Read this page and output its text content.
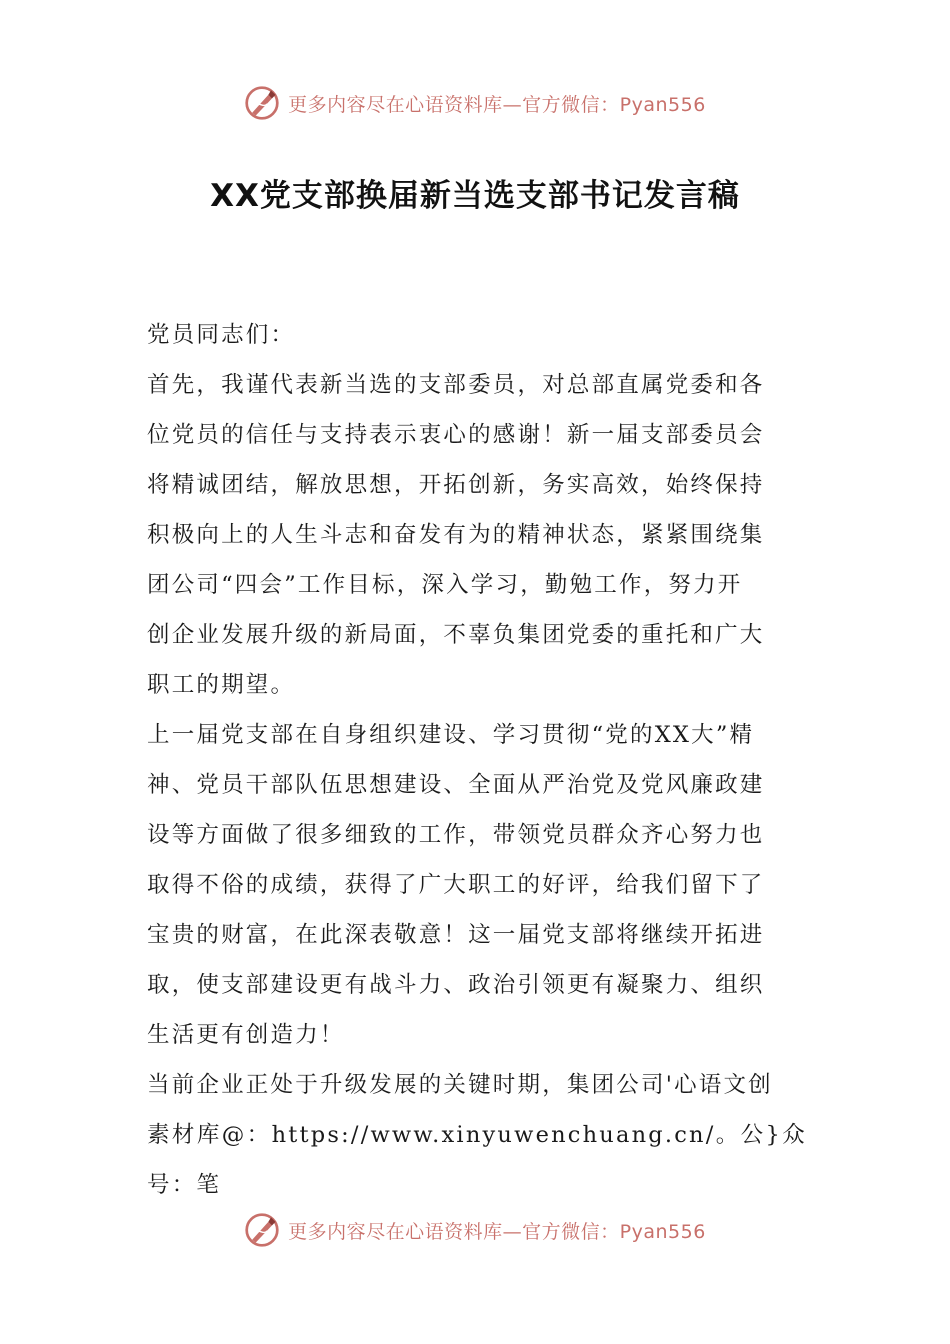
更多内容尽在心语资料库—官方微信：Pyan556
XX党支部换届新当选支部书记发言稿

党员同志们：

首先，我谨代表新当选的支部委员，对总部直属党委和各

位党员的信任与支持表示衷心的感谢！新一届支部委员会

将精诚团结，解放思想，开拓创新，务实高效，始终保持

积极向上的人生斗志和奋发有为的精神状态，紧紧围绕集

团公司“四会”工作目标，深入学习，勤勉工作，努力开

创企业发展升级的新局面，不辜负集团党委的重托和广大

职工的期望。

上一届党支部在自身组织建设、学习贯彻“党的XX大”精

神、党员干部队伍思想建设、全面从严治党及党风廉政建

设等方面做了很多细致的工作，带领党员群众齐心努力也

取得不俗的成绩，获得了广大职工的好评，给我们留下了

宝贵的财富，在此深表敬意！这一届党支部将继续开拓进

取，使支部建设更有战斗力、政治引领更有凝聚力、组织

生活更有创造力！

当前企业正处于升级发展的关键时期，集团公司'心语文创

素材库@：https://www.xinyuwenchuang.cn/。公}众号：笔

更多内容尽在心语资料库—官方微信：Pyan556
